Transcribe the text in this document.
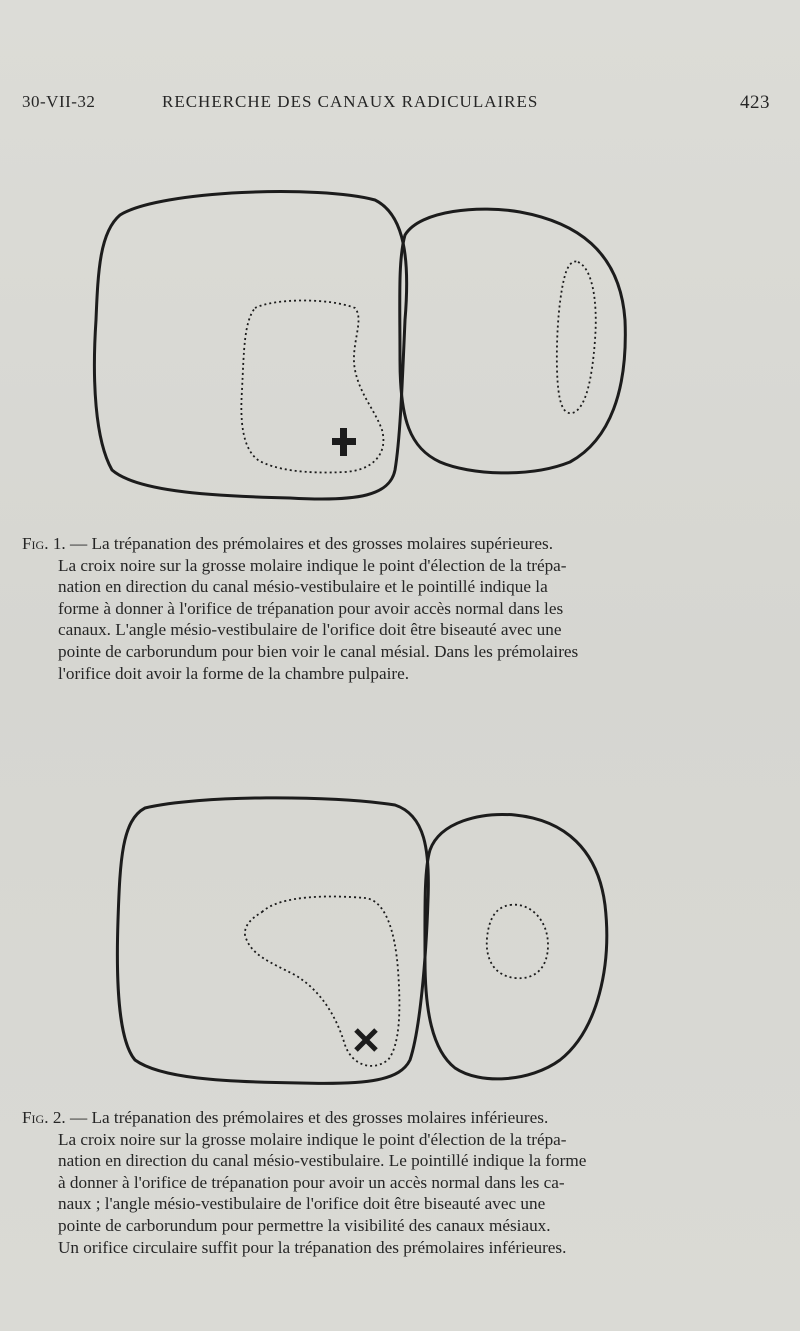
30-VII-32	RECHERCHE DES CANAUX RADICULAIRES	423
Fig. 1. — La trépanation des prémolaires et des grosses molaires supérieures.
La croix noire sur la grosse molaire indique le point d'élection de la trépa-
nation en direction du canal mésio-vestibulaire et le pointillé indique la
forme à donner à l'orifice de trépanation pour avoir accès normal dans les
canaux. L'angle mésio-vestibulaire de l'orifice doit être biseauté avec une
pointe de carborundum pour bien voir le canal mésial. Dans les prémolaires
l'orifice doit avoir la forme de la chambre pulpaire.
Fig. 2. — La trépanation des prémolaires et des grosses molaires inférieures.
La croix noire sur la grosse molaire indique le point d'élection de la trépa-
nation en direction du canal mésio-vestibulaire. Le pointillé indique la forme
à donner à l'orifice de trépanation pour avoir un accès normal dans les ca-
naux ; l'angle mésio-vestibulaire de l'orifice doit être biseauté avec une
pointe de carborundum pour permettre la visibilité des canaux mésiaux.
Un orifice circulaire suffit pour la trépanation des prémolaires inférieures.
